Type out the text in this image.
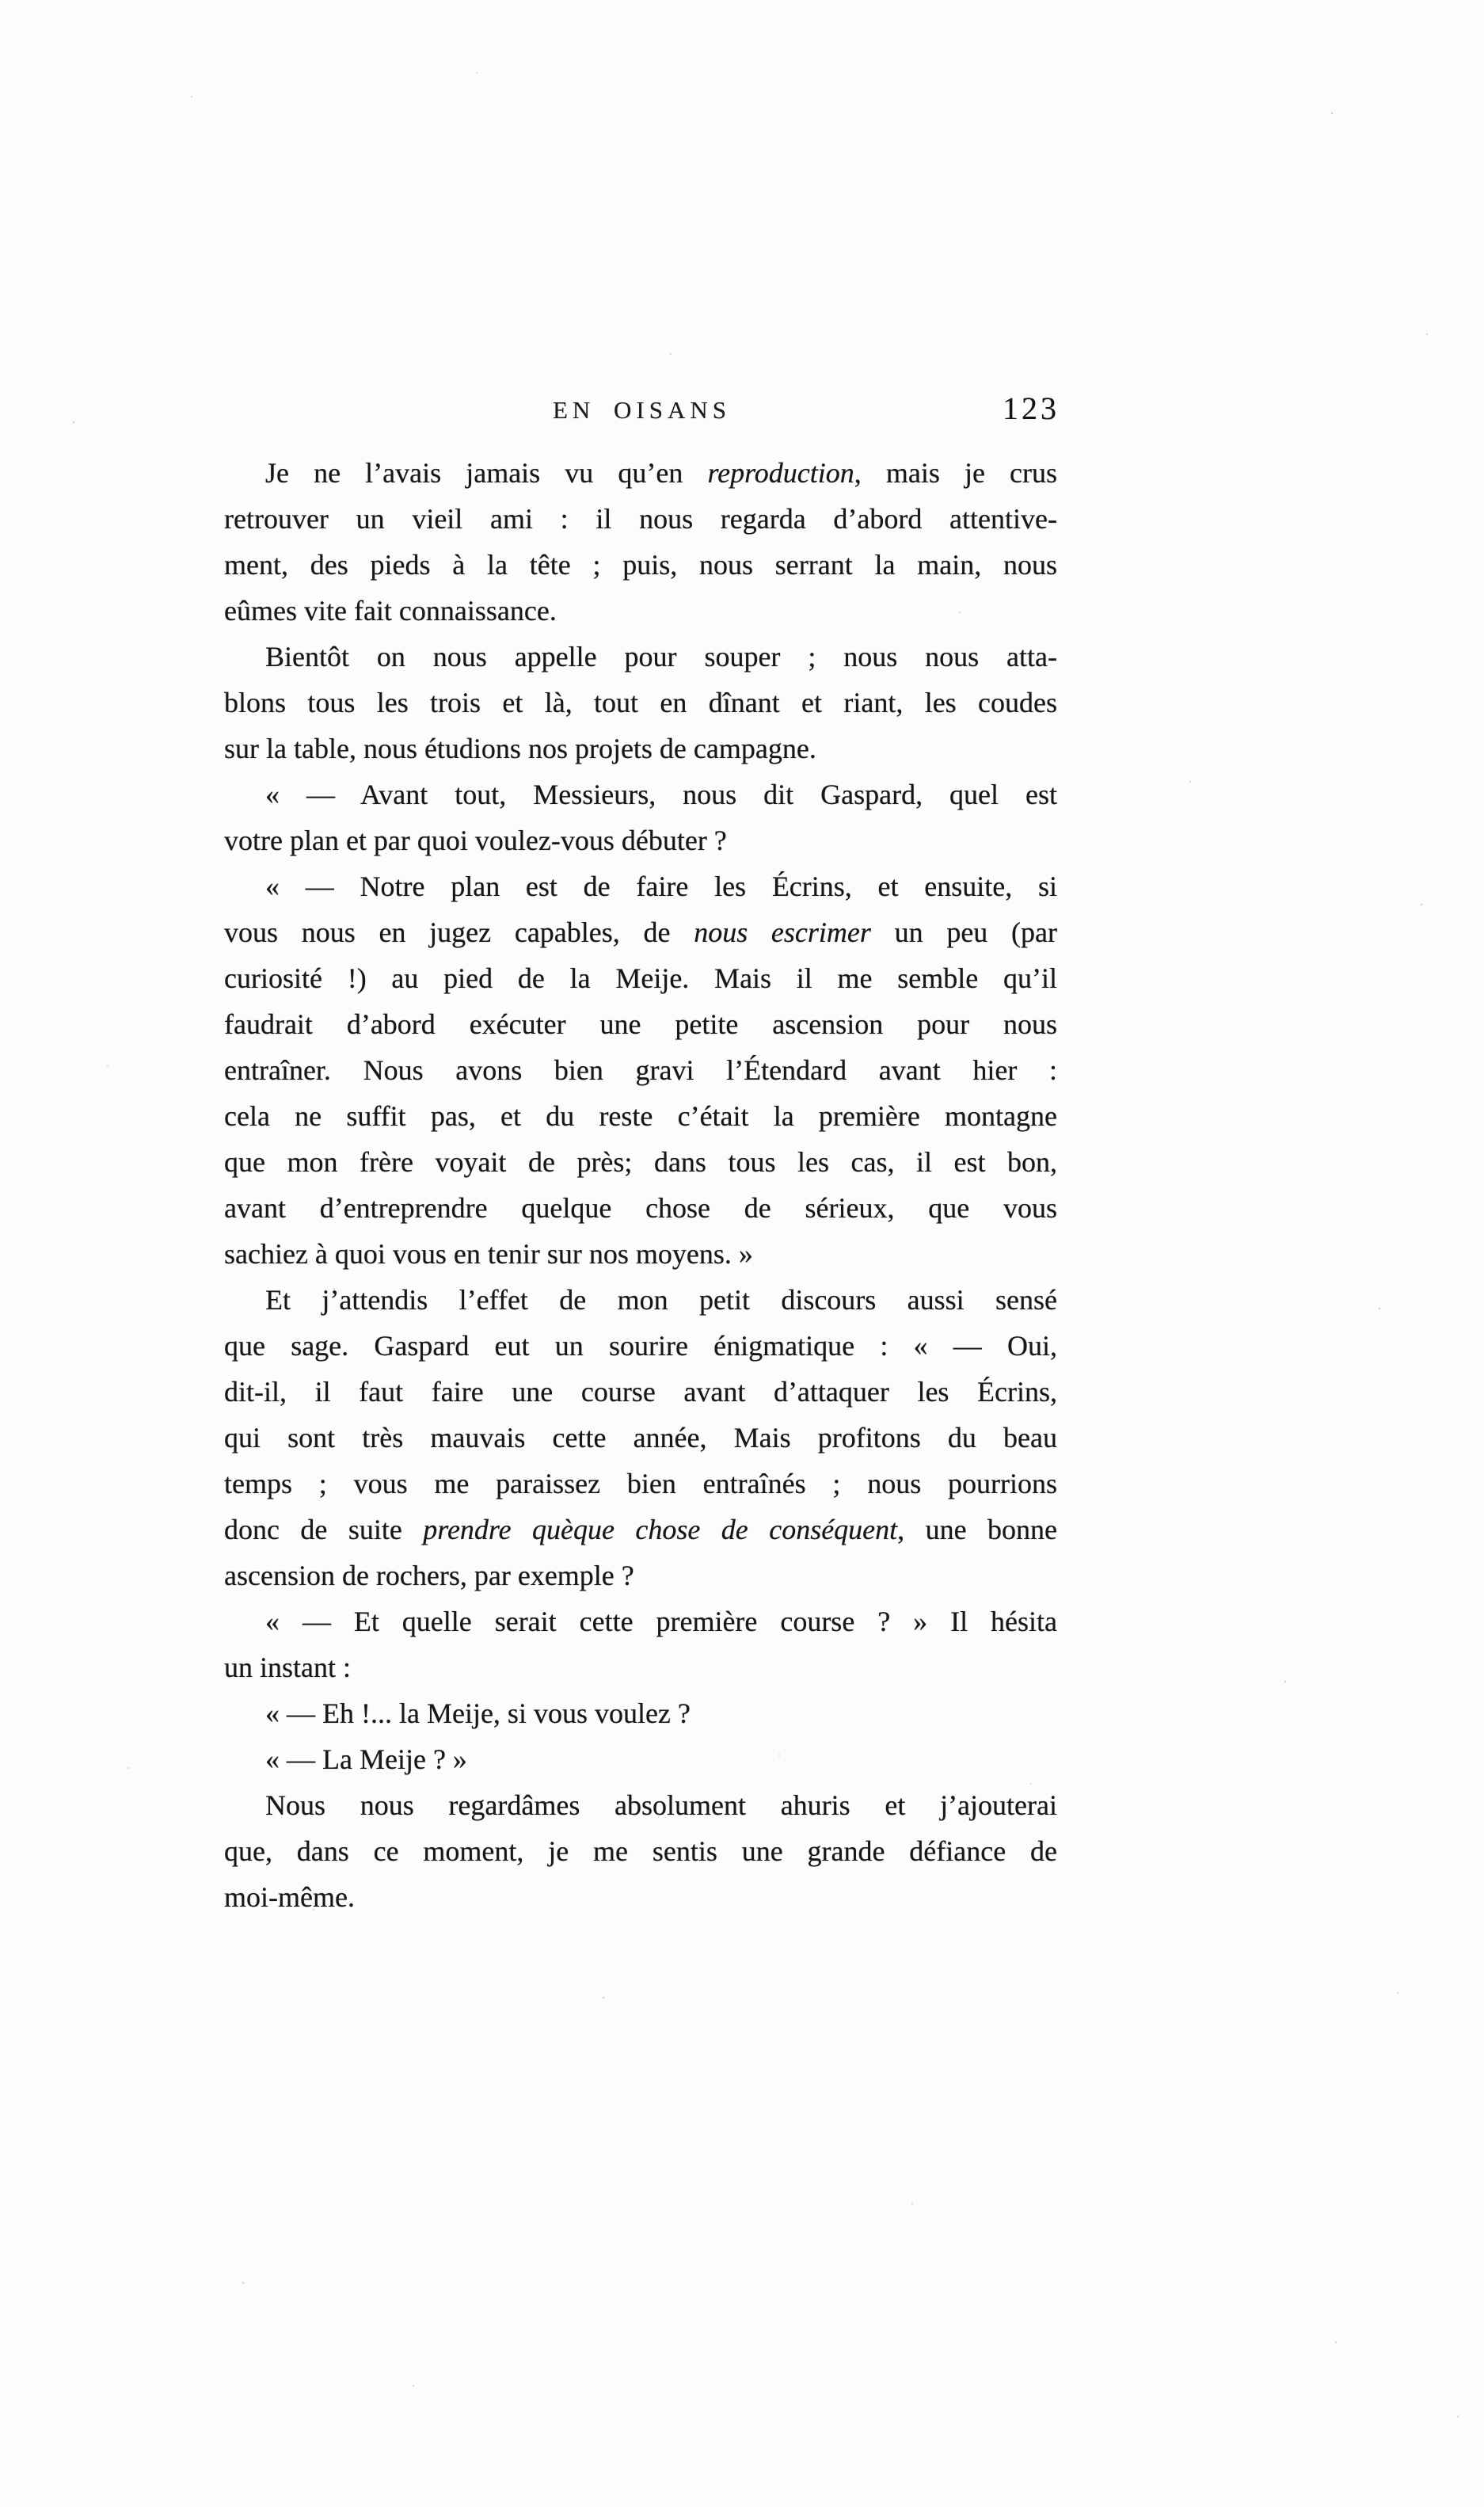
EN OISANS	123
Je ne l’avais jamais vu qu’en reproduction, mais je crus
retrouver un vieil ami : il nous regarda d’abord attentive-
ment, des pieds à la tête ; puis, nous serrant la main, nous
eûmes vite fait connaissance.
Bientôt on nous appelle pour souper ; nous nous atta-
blons tous les trois et là, tout en dînant et riant, les coudes
sur la table, nous étudions nos projets de campagne.
« — Avant tout, Messieurs, nous dit Gaspard, quel est
votre plan et par quoi voulez-vous débuter ?
« — Notre plan est de faire les Écrins, et ensuite, si
vous nous en jugez capables, de nous escrimer un peu (par
curiosité !) au pied de la Meije. Mais il me semble qu’il
faudrait d’abord exécuter une petite ascension pour nous
entraîner. Nous avons bien gravi l’Étendard avant hier :
cela ne suffit pas, et du reste c’était la première montagne
que mon frère voyait de près; dans tous les cas, il est bon,
avant d’entreprendre quelque chose de sérieux, que vous
sachiez à quoi vous en tenir sur nos moyens. »
Et j’attendis l’effet de mon petit discours aussi sensé
que sage. Gaspard eut un sourire énigmatique : « — Oui,
dit-il, il faut faire une course avant d’attaquer les Écrins,
qui sont très mauvais cette année, Mais profitons du beau
temps ; vous me paraissez bien entraînés ; nous pourrions
donc de suite prendre quèque chose de conséquent, une bonne
ascension de rochers, par exemple ?
« — Et quelle serait cette première course ? » Il hésita
un instant :
« — Eh !... la Meije, si vous voulez ?
« — La Meije ? »
Nous nous regardâmes absolument ahuris et j’ajouterai
que, dans ce moment, je me sentis une grande défiance de
moi-même.
